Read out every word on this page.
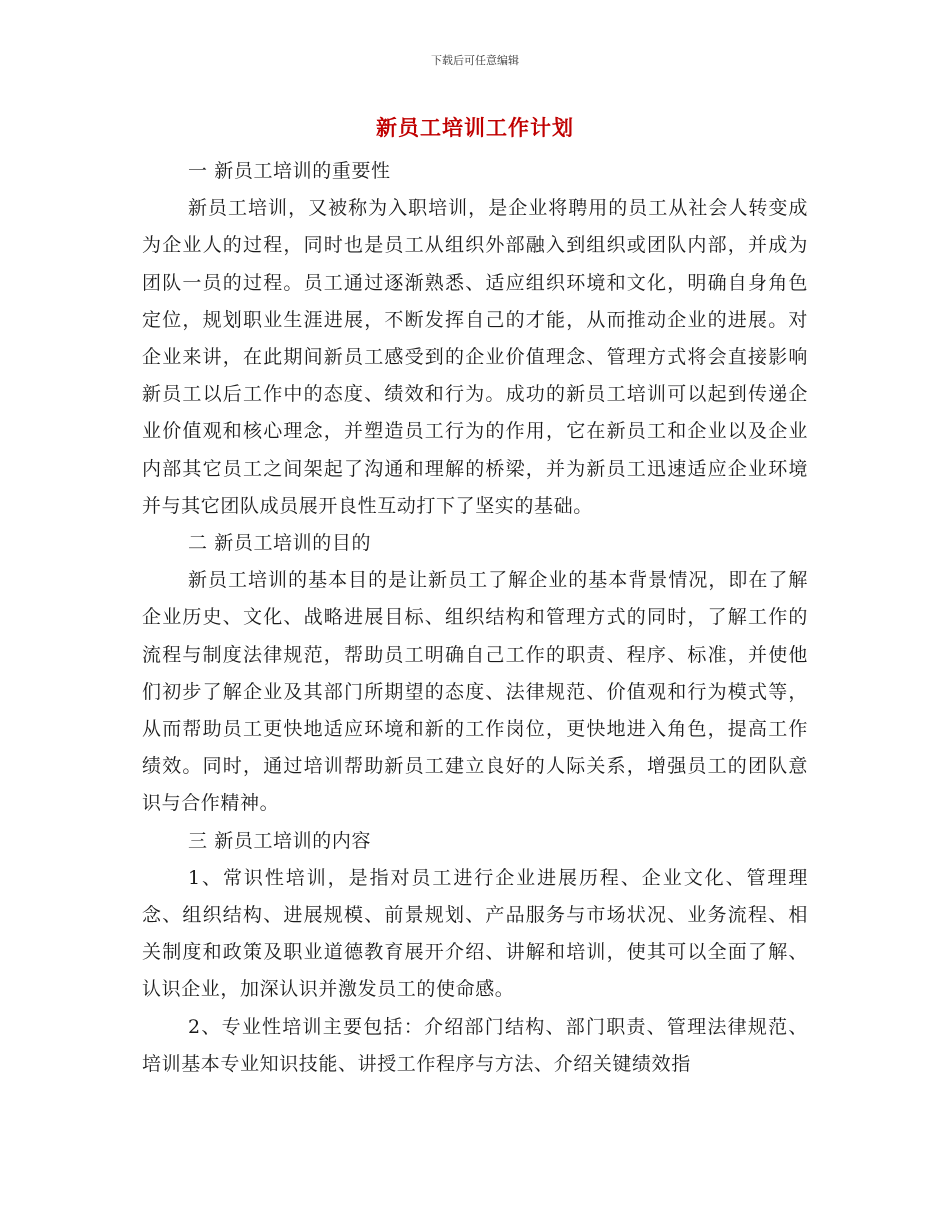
下载后可任意编辑
新员工培训工作计划

一 新员工培训的重要性

新员工培训，又被称为入职培训，是企业将聘用的员工从社会人转变成为企业人的过程，同时也是员工从组织外部融入到组织或团队内部，并成为团队一员的过程。员工通过逐渐熟悉、适应组织环境和文化，明确自身角色定位，规划职业生涯进展，不断发挥自己的才能，从而推动企业的进展。对企业来讲，在此期间新员工感受到的企业价值理念、管理方式将会直接影响新员工以后工作中的态度、绩效和行为。成功的新员工培训可以起到传递企业价值观和核心理念，并塑造员工行为的作用，它在新员工和企业以及企业内部其它员工之间架起了沟通和理解的桥梁，并为新员工迅速适应企业环境并与其它团队成员展开良性互动打下了坚实的基础。

二 新员工培训的目的

新员工培训的基本目的是让新员工了解企业的基本背景情况，即在了解企业历史、文化、战略进展目标、组织结构和管理方式的同时，了解工作的流程与制度法律规范，帮助员工明确自己工作的职责、程序、标准，并使他们初步了解企业及其部门所期望的态度、法律规范、价值观和行为模式等，从而帮助员工更快地适应环境和新的工作岗位，更快地进入角色，提高工作绩效。同时，通过培训帮助新员工建立良好的人际关系，增强员工的团队意识与合作精神。

三 新员工培训的内容

1、常识性培训，是指对员工进行企业进展历程、企业文化、管理理念、组织结构、进展规模、前景规划、产品服务与市场状况、业务流程、相关制度和政策及职业道德教育展开介绍、讲解和培训，使其可以全面了解、认识企业，加深认识并激发员工的使命感。

2、专业性培训主要包括：介绍部门结构、部门职责、管理法律规范、培训基本专业知识技能、讲授工作程序与方法、介绍关键绩效指
